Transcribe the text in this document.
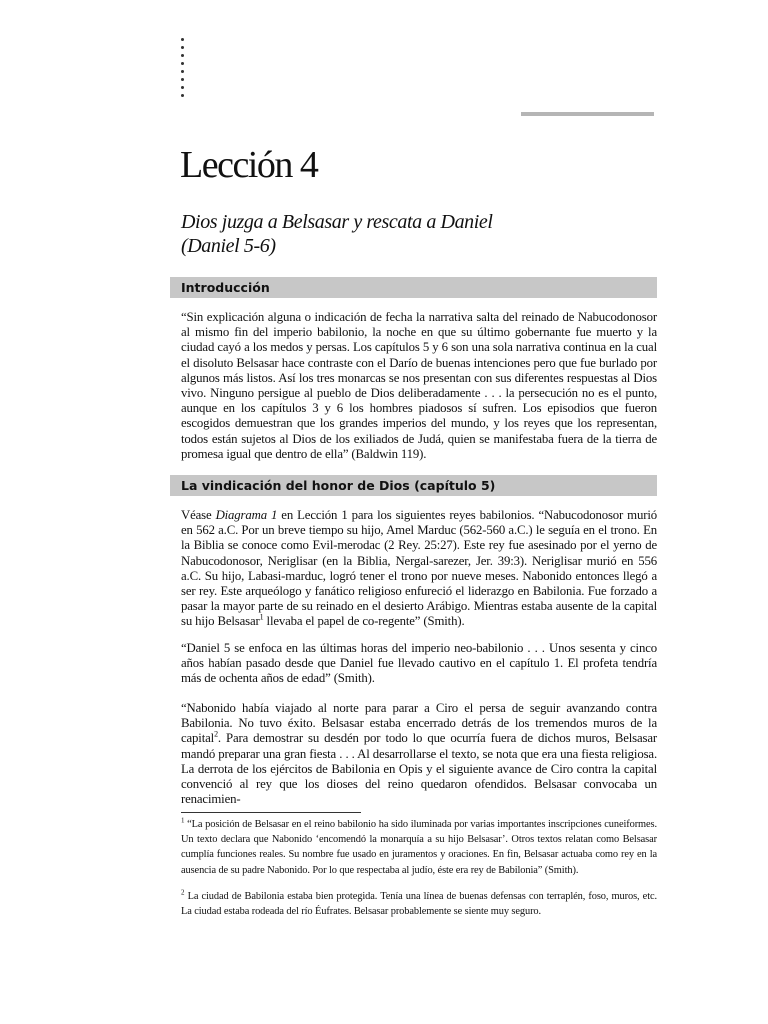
Lección 4
Dios juzga a Belsasar y rescata a Daniel
(Daniel 5-6)
Introducción

“Sin explicación alguna o indicación de fecha la narrativa salta del reinado de Nabucodonosor al mismo fin del imperio babilonio, la noche en que su último gobernante fue muerto y la ciudad cayó a los medos y persas. Los capítulos 5 y 6 son una sola narrativa continua en la cual el disoluto Belsasar hace contraste con el Darío de buenas intenciones pero que fue burlado por algunos más listos. Así los tres monarcas se nos presentan con sus diferentes respuestas al Dios vivo. Ninguno persigue al pueblo de Dios deliberadamente . . . la persecución no es el punto, aunque en los capítulos 3 y 6 los hombres piadosos sí sufren. Los episodios que fueron escogidos demuestran que los grandes imperios del mundo, y los reyes que los representan, todos están sujetos al Dios de los exiliados de Judá, quien se manifestaba fuera de la tierra de promesa igual que dentro de ella” (Baldwin 119).

La vindicación del honor de Dios (capítulo 5)

Véase Diagrama 1 en Lección 1 para los siguientes reyes babilonios. “Nabucodonosor murió en 562 a.C. Por un breve tiempo su hijo, Amel Marduc (562-560 a.C.) le seguía en el trono. En la Biblia se conoce como Evil-merodac (2 Rey. 25:27). Este rey fue asesinado por el yerno de Nabucodonosor, Neriglisar (en la Biblia, Nergal-sarezer, Jer. 39:3). Neriglisar murió en 556 a.C. Su hijo, Labasi-marduc, logró tener el trono por nueve meses. Nabonido entonces llegó a ser rey. Este arqueólogo y fanático religioso enfureció el liderazgo en Babilonia. Fue forzado a pasar la mayor parte de su reinado en el desierto Arábigo. Mientras estaba ausente de la capital su hijo Belsasar$^1$ llevaba el papel de co-regente” (Smith).

“Daniel 5 se enfoca en las últimas horas del imperio neo-babilonio . . . Unos sesenta y cinco años habían pasado desde que Daniel fue llevado cautivo en el capítulo 1. El profeta tendría más de ochenta años de edad” (Smith).

“Nabonido había viajado al norte para parar a Ciro el persa de seguir avanzando contra Babilonia. No tuvo éxito. Belsasar estaba encerrado detrás de los tremendos muros de la capital$^2$. Para demostrar su desdén por todo lo que ocurría fuera de dichos muros, Belsasar mandó preparar una gran fiesta . . . Al desarrollarse el texto, se nota que era una fiesta religiosa. La derrota de los ejércitos de Babilonia en Opis y el siguiente avance de Ciro contra la capital convenció al rey que los dioses del reino quedaron ofendidos. Belsasar convocaba un renacimien-

$^1$ “La posición de Belsasar en el reino babilonio ha sido iluminada por varias importantes inscripciones cuneiformes. Un texto declara que Nabonido ‘encomendó la monarquía a su hijo Belsasar’. Otros textos relatan como Belsasar cumplía funciones reales. Su nombre fue usado en juramentos y oraciones. En fin, Belsasar actuaba como rey en la ausencia de su padre Nabonido. Por lo que respectaba al judío, éste era rey de Babilonia” (Smith).

$^2$ La ciudad de Babilonia estaba bien protegida. Tenía una línea de buenas defensas con terraplén, foso, muros, etc. La ciudad estaba rodeada del río Éufrates. Belsasar probablemente se siente muy seguro.
